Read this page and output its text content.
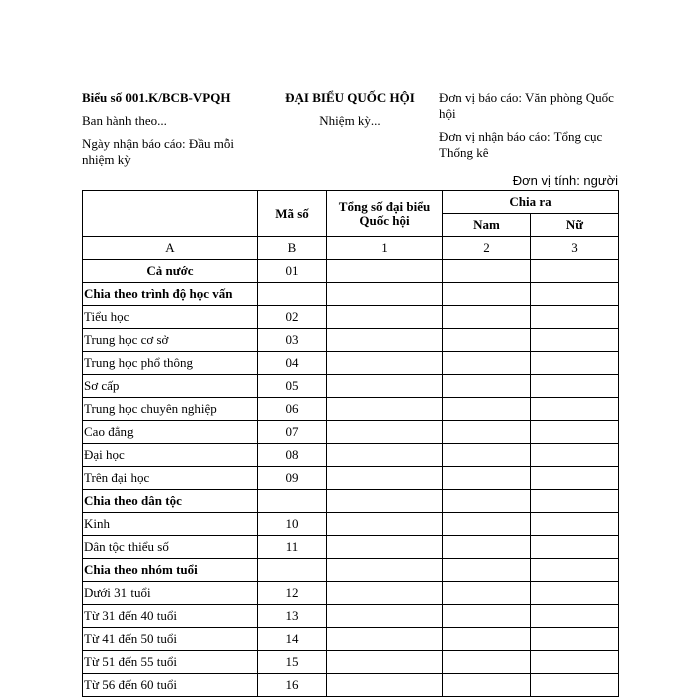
Biểu số 001.K/BCB-VPQH
Ban hành theo...
Ngày nhận báo cáo: Đầu mỗi nhiệm kỳ
ĐẠI BIỂU QUỐC HỘI
Nhiệm kỳ...
Đơn vị báo cáo: Văn phòng Quốc hội
Đơn vị nhận báo cáo: Tổng cục Thống kê
Đơn vị tính: người
	Mã số	Tổng số đại biểu Quốc hội	Chia ra	
			Nam	Nữ
A	B	1	2	3
Cả nước	01			
Chia theo trình độ học vấn				
Tiểu học	02			
Trung học cơ sở	03			
Trung học phổ thông	04			
Sơ cấp	05			
Trung học chuyên nghiệp	06			
Cao đẳng	07			
Đại học	08			
Trên đại học	09			
Chia theo dân tộc				
Kinh	10			
Dân tộc thiểu số	11			
Chia theo nhóm tuổi				
Dưới 31 tuổi	12			
Từ 31 đến 40 tuổi	13			
Từ 41 đến 50 tuổi	14			
Từ 51 đến 55 tuổi	15			
Từ 56 đến 60 tuổi	16			
